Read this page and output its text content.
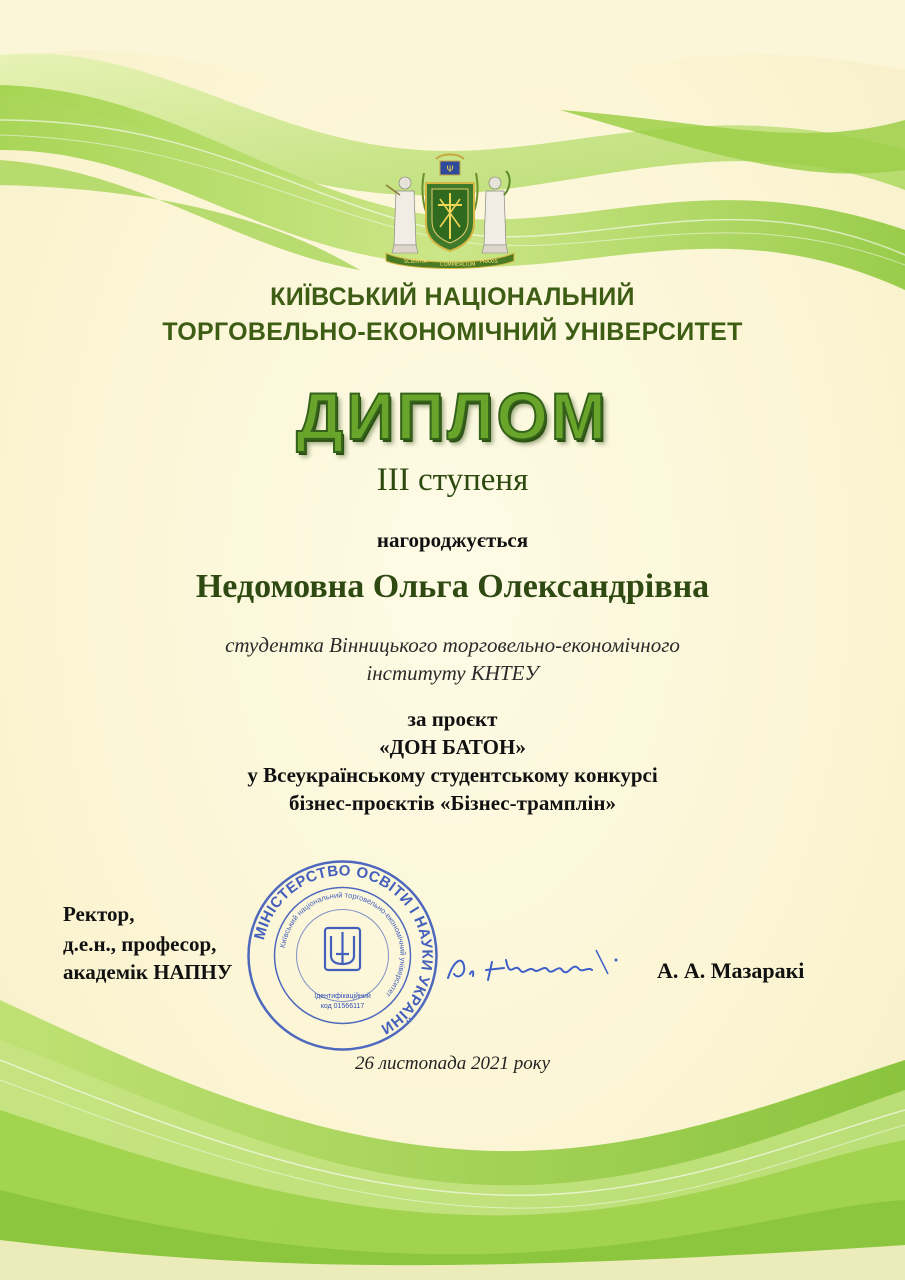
Ψ
SCIENTIA	COMMERCIUM PRAXIS
КИЇВСЬКИЙ НАЦІОНАЛЬНИЙ
ТОРГОВЕЛЬНО-ЕКОНОМІЧНИЙ УНІВЕРСИТЕТ
ДИПЛОМ
III ступеня
нагороджується
Недомовна Ольга Олександрівна
студентка Вінницького торговельно-економічного
інституту КНТЕУ
за проєкт
«ДОН БАТОН»
у Всеукраїнському студентському конкурсі
бізнес-проєктів «Бізнес-трамплін»
Ректор,
д.е.н., професор,
академік НАПНУ
МІНІСТЕРСТВО ОСВІТИ І НАУКИ УКРАЇНИ
Київський національний торговельно-економічний університет
Ідентифікаційний
код 01566117
А. А. Мазаракі
26 листопада 2021 року
